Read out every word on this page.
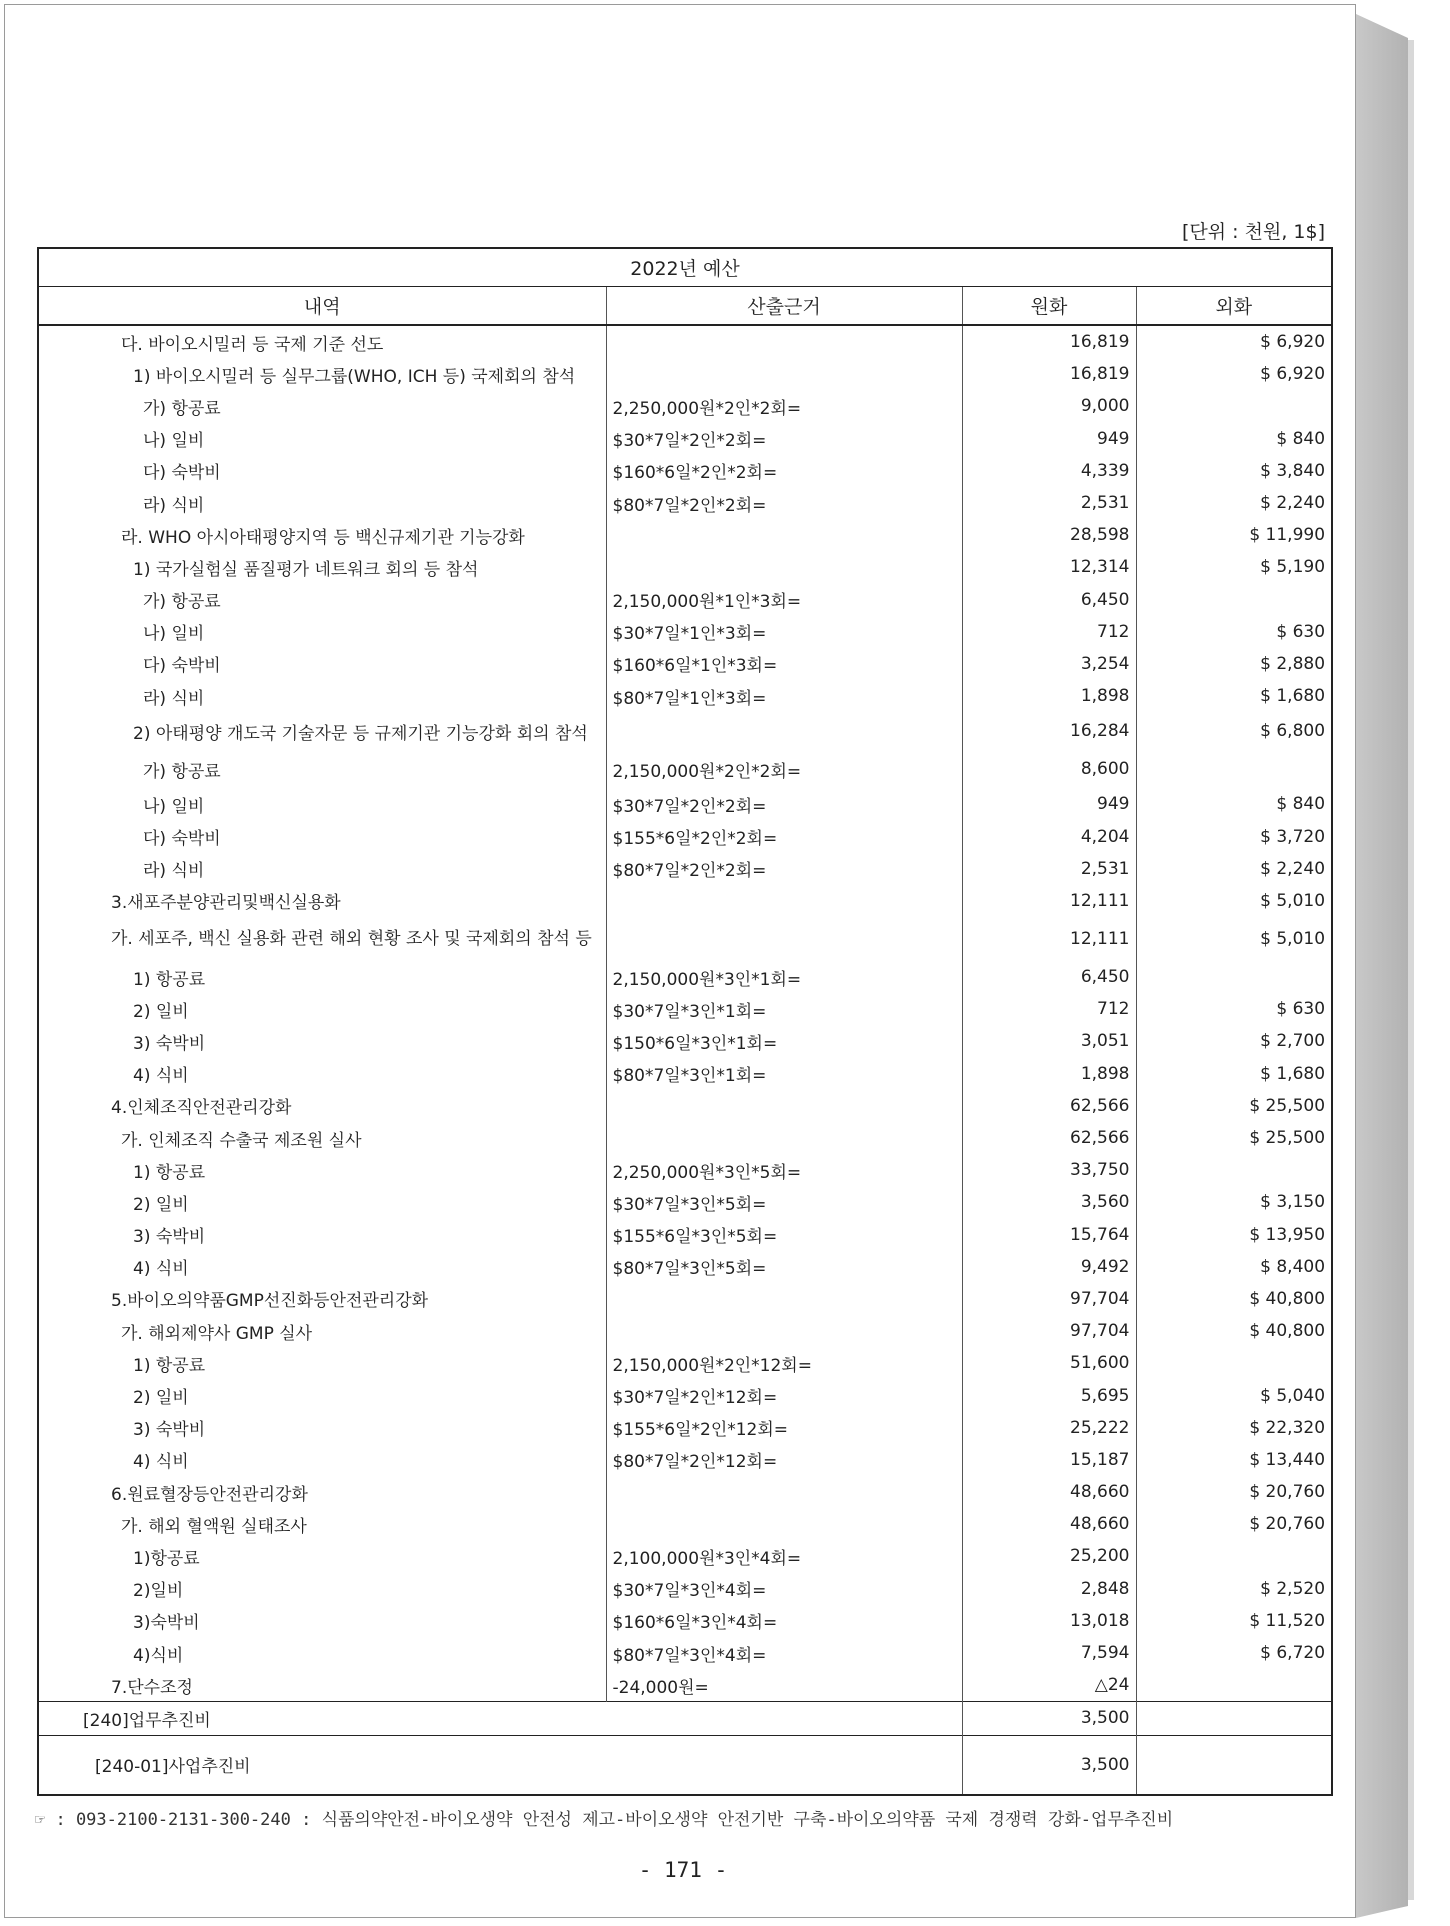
[단위 : 천원, 1$]
2022년 예산			
내역	산출근거	원화	외화

다. 바이오시밀러 등 국제 기준 선도		16,819	$ 6,920

1) 바이오시밀러 등 실무그룹(WHO, ICH 등) 국제회의 참석		16,819	$ 6,920

가) 항공료	2,250,000원*2인*2회=	9,000	

나) 일비	$30*7일*2인*2회=	949	$ 840

다) 숙박비	$160*6일*2인*2회=	4,339	$ 3,840

라) 식비	$80*7일*2인*2회=	2,531	$ 2,240

라. WHO 아시아태평양지역 등 백신규제기관 기능강화		28,598	$ 11,990

1) 국가실험실 품질평가 네트워크 회의 등 참석		12,314	$ 5,190

가) 항공료	2,150,000원*1인*3회=	6,450	

나) 일비	$30*7일*1인*3회=	712	$ 630

다) 숙박비	$160*6일*1인*3회=	3,254	$ 2,880

라) 식비	$80*7일*1인*3회=	1,898	$ 1,680

2) 아태평양 개도국 기술자문 등 규제기관 기능강화 회의 참석		16,284	$ 6,800

가) 항공료	2,150,000원*2인*2회=	8,600	

나) 일비	$30*7일*2인*2회=	949	$ 840

다) 숙박비	$155*6일*2인*2회=	4,204	$ 3,720

라) 식비	$80*7일*2인*2회=	2,531	$ 2,240

3.새포주분양관리및백신실용화		12,111	$ 5,010

가. 세포주, 백신 실용화 관련 해외 현황 조사 및 국제회의 참석 등		12,111	$ 5,010

1) 항공료	2,150,000원*3인*1회=	6,450	

2) 일비	$30*7일*3인*1회=	712	$ 630

3) 숙박비	$150*6일*3인*1회=	3,051	$ 2,700

4) 식비	$80*7일*3인*1회=	1,898	$ 1,680

4.인체조직안전관리강화		62,566	$ 25,500

가. 인체조직 수출국 제조원 실사		62,566	$ 25,500

1) 항공료	2,250,000원*3인*5회=	33,750	

2) 일비	$30*7일*3인*5회=	3,560	$ 3,150

3) 숙박비	$155*6일*3인*5회=	15,764	$ 13,950

4) 식비	$80*7일*3인*5회=	9,492	$ 8,400

5.바이오의약품GMP선진화등안전관리강화		97,704	$ 40,800

가. 해외제약사 GMP 실사		97,704	$ 40,800

1) 항공료	2,150,000원*2인*12회=	51,600	

2) 일비	$30*7일*2인*12회=	5,695	$ 5,040

3) 숙박비	$155*6일*2인*12회=	25,222	$ 22,320

4) 식비	$80*7일*2인*12회=	15,187	$ 13,440

6.원료혈장등안전관리강화		48,660	$ 20,760

가. 해외 혈액원 실태조사		48,660	$ 20,760

1)항공료	2,100,000원*3인*4회=	25,200	

2)일비	$30*7일*3인*4회=	2,848	$ 2,520

3)숙박비	$160*6일*3인*4회=	13,018	$ 11,520

4)식비	$80*7일*3인*4회=	7,594	$ 6,720

7.단수조정	-24,000원=	△24	
[240]업무추진비		3,500	
[240-01]사업추진비		3,500	
☞ : 093-2100-2131-300-240 : 식품의약안전-바이오생약 안전성 제고-바이오생약 안전기반 구축-바이오의약품 국제 경쟁력 강화-업무추진비
- 171 -
